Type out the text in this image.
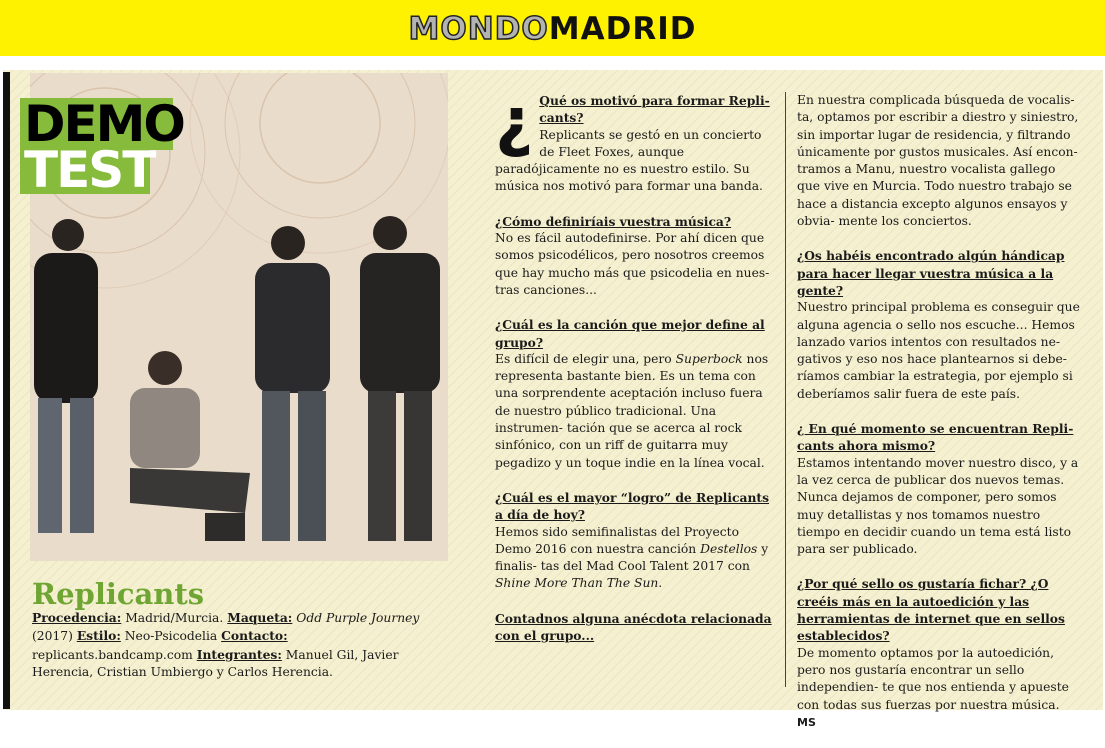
MONDOMADRID
DEMO
TEST
Replicants
Procedencia: Madrid/Murcia. Maqueta: Odd Purple Journey (2017) Estilo: Neo-Psicodelia Contacto: replicants.bandcamp.com Integrantes: Manuel Gil, Javier Herencia, Cristian Umbiergo y Carlos Herencia.
¿ Qué os motivó para formar Repli- cants?

Replicants se gestó en un concierto de Fleet Foxes, aunque paradójicamente no es nuestro estilo. Su música nos motivó para formar una banda.

¿Cómo definiríais vuestra música?

No es fácil autodefinirse. Por ahí dicen que somos psicodélicos, pero nosotros creemos que hay mucho más que psicodelia en nues- tras canciones...

¿Cuál es la canción que mejor define al grupo?

Es difícil de elegir una, pero Superbock nos representa bastante bien. Es un tema con una sorprendente aceptación incluso fuera de nuestro público tradicional. Una instrumen- tación que se acerca al rock sinfónico, con un riff de guitarra muy pegadizo y un toque indie en la línea vocal.

¿Cuál es el mayor “logro” de Replicants a día de hoy?

Hemos sido semifinalistas del Proyecto Demo 2016 con nuestra canción Destellos y finalis- tas del Mad Cool Talent 2017 con Shine More Than The Sun.

Contadnos alguna anécdota relacionada con el grupo...

En nuestra complicada búsqueda de vocalis- ta, optamos por escribir a diestro y siniestro, sin importar lugar de residencia, y filtrando únicamente por gustos musicales. Así encon- tramos a Manu, nuestro vocalista gallego que vive en Murcia. Todo nuestro trabajo se hace a distancia excepto algunos ensayos y obvia- mente los conciertos.

¿Os habéis encontrado algún hándicap para hacer llegar vuestra música a la gente?

Nuestro principal problema es conseguir que alguna agencia o sello nos escuche... Hemos lanzado varios intentos con resultados ne- gativos y eso nos hace plantearnos si debe- ríamos cambiar la estrategia, por ejemplo si deberíamos salir fuera de este país.

¿ En qué momento se encuentran Repli- cants ahora mismo?

Estamos intentando mover nuestro disco, y a la vez cerca de publicar dos nuevos temas. Nunca dejamos de componer, pero somos muy detallistas y nos tomamos nuestro tiempo en decidir cuando un tema está listo para ser publicado.

¿Por qué sello os gustaría fichar? ¿O creéis más en la autoedición y las herramientas de internet que en sellos establecidos?

De momento optamos por la autoedición, pero nos gustaría encontrar un sello independien- te que nos entienda y apueste con todas sus fuerzas por nuestra música. MS
